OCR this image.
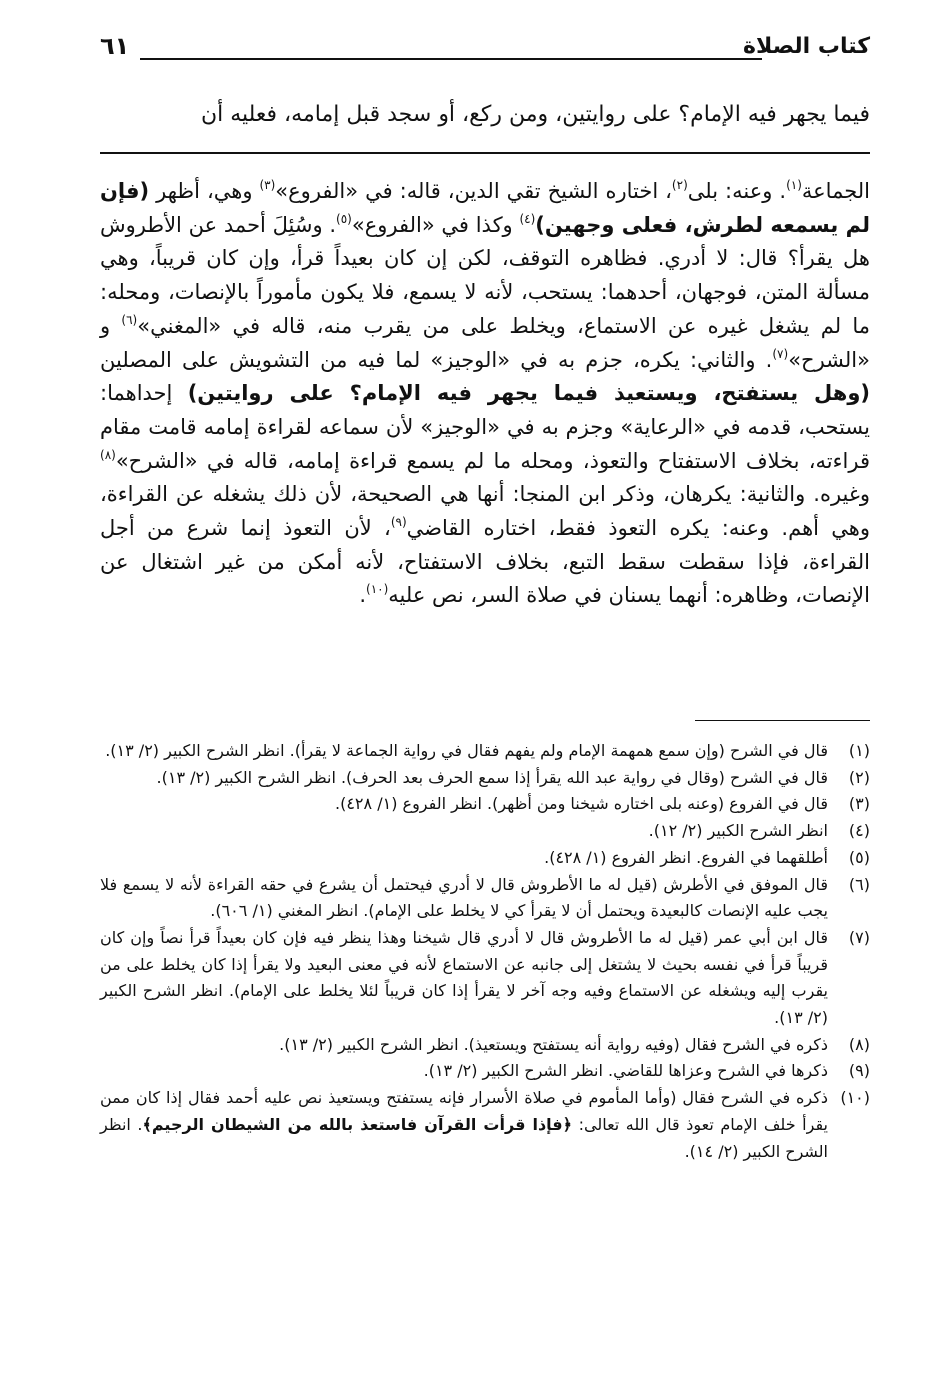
كتاب الصلاة
٦١
فيما يجهر فيه الإمام؟ على روايتين، ومن ركع، أو سجد قبل إمامه، فعليه أن
الجماعة$^{(١)}$. وعنه: بلى$^{(٢)}$، اختاره الشيخ تقي الدين، قاله: في «الفروع»$^{(٣)}$ وهي، أظهر (فإن لم يسمعه لطرش، فعلى وجهين)$^{(٤)}$ وكذا في «الفروع»$^{(٥)}$. وسُئِلَ أحمد عن الأطروش هل يقرأ؟ قال: لا أدري. فظاهره التوقف، لكن إن كان بعيداً قرأ، وإن كان قريباً، وهي مسألة المتن، فوجهان، أحدهما: يستحب، لأنه لا يسمع، فلا يكون مأموراً بالإنصات، ومحله: ما لم يشغل غيره عن الاستماع، ويخلط على من يقرب منه، قاله في «المغني»$^{(٦)}$ و «الشرح»$^{(٧)}$. والثاني: يكره، جزم به في «الوجيز» لما فيه من التشويش على المصلين (وهل يستفتح، ويستعيذ فيما يجهر فيه الإمام؟ على روايتين) إحداهما: يستحب، قدمه في «الرعاية» وجزم به في «الوجيز» لأن سماعه لقراءة إمامه قامت مقام قراءته، بخلاف الاستفتاح والتعوذ، ومحله ما لم يسمع قراءة إمامه، قاله في «الشرح»$^{(٨)}$ وغيره. والثانية: يكرهان، وذكر ابن المنجا: أنها هي الصحيحة، لأن ذلك يشغله عن القراءة، وهي أهم. وعنه: يكره التعوذ فقط، اختاره القاضي$^{(٩)}$، لأن التعوذ إنما شرع من أجل القراءة، فإذا سقطت سقط التبع، بخلاف الاستفتاح، لأنه أمكن من غير اشتغال عن الإنصات، وظاهره: أنهما يسنان في صلاة السر، نص عليه$^{(١٠)}$.
(١)
قال في الشرح (وإن سمع همهمة الإمام ولم يفهم فقال في رواية الجماعة لا يقرأ). انظر الشرح الكبير (٢/ ١٣).
(٢)
قال في الشرح (وقال في رواية عبد الله يقرأ إذا سمع الحرف بعد الحرف). انظر الشرح الكبير (٢/ ١٣).
(٣)
قال في الفروع (وعنه بلى اختاره شيخنا ومن أظهر). انظر الفروع (١/ ٤٢٨).
(٤)
انظر الشرح الكبير (٢/ ١٢).
(٥)
أطلقهما في الفروع. انظر الفروع (١/ ٤٢٨).
(٦)
قال الموفق في الأطرش (قيل له ما الأطروش قال لا أدري فيحتمل أن يشرع في حقه القراءة لأنه لا يسمع فلا يجب عليه الإنصات كالبعيدة ويحتمل أن لا يقرأ كي لا يخلط على الإمام). انظر المغني (١/ ٦٠٦).
(٧)
قال ابن أبي عمر (قيل له ما الأطروش قال لا أدري قال شيخنا وهذا ينظر فيه فإن كان بعيداً قرأ نصاً وإن كان قريباً قرأ في نفسه بحيث لا يشتغل إلى جانبه عن الاستماع لأنه في معنى البعيد ولا يقرأ إذا كان يخلط على من يقرب إليه ويشغله عن الاستماع وفيه وجه آخر لا يقرأ إذا كان قريباً لئلا يخلط على الإمام). انظر الشرح الكبير (٢/ ١٣).
(٨)
ذكره في الشرح فقال (وفيه رواية أنه يستفتح ويستعيذ). انظر الشرح الكبير (٢/ ١٣).
(٩)
ذكرها في الشرح وعزاها للقاضي. انظر الشرح الكبير (٢/ ١٣).
(١٠)
ذكره في الشرح فقال (وأما المأموم في صلاة الأسرار فإنه يستفتح ويستعيذ نص عليه أحمد فقال إذا كان ممن يقرأ خلف الإمام تعوذ قال الله تعالى: ﴿فإذا قرأت القرآن فاستعذ بالله من الشيطان الرجيم﴾. انظر الشرح الكبير (٢/ ١٤).
